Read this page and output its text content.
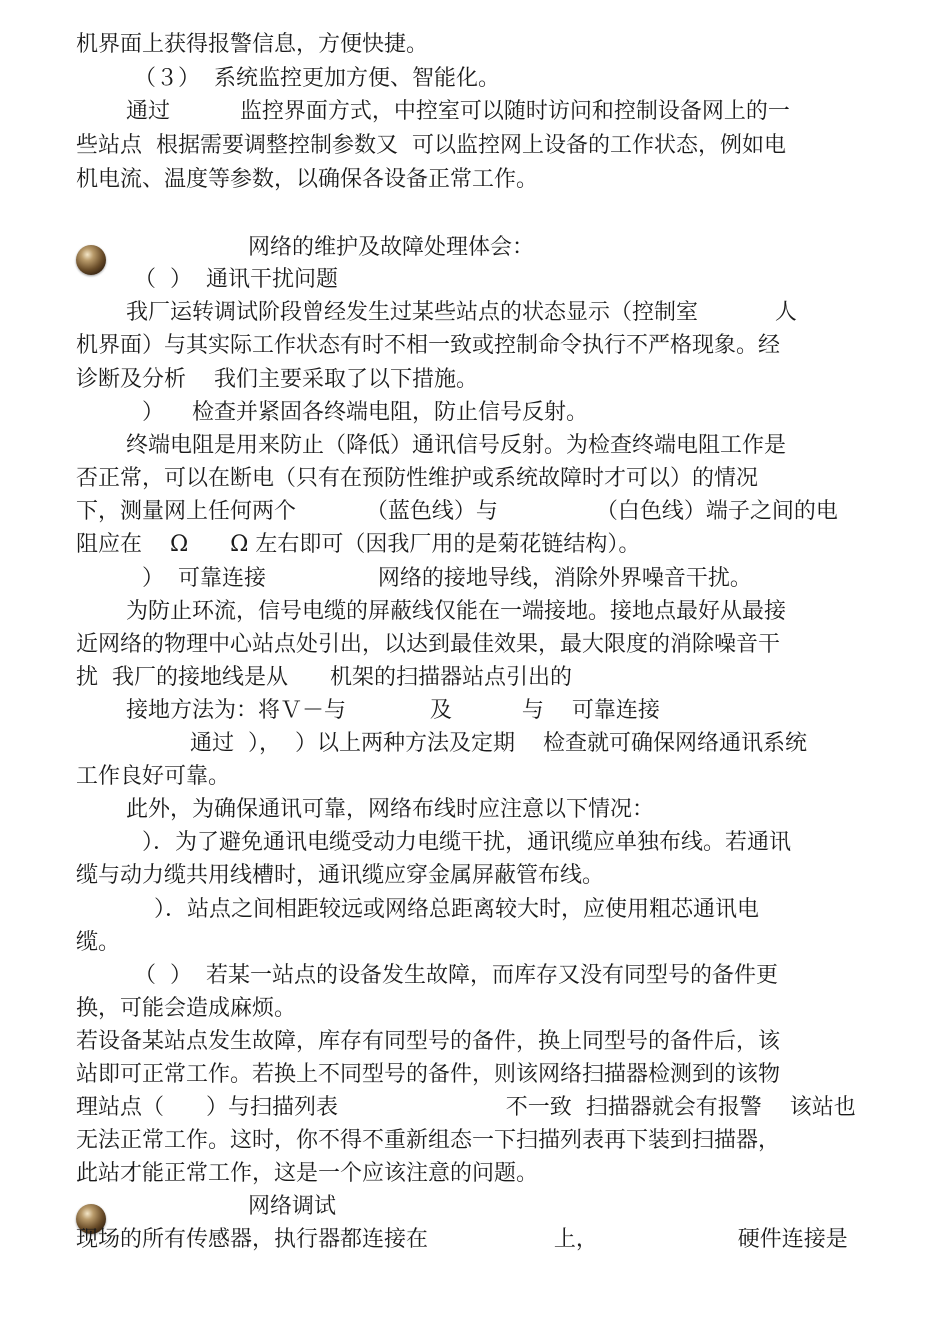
机界面上获得报警信息，方便快捷。
（３）  系统监控更加方便、智能化。
通过          监控界面方式，中控室可以随时访问和控制设备网上的一
些站点  根据需要调整控制参数又  可以监控网上设备的工作状态，例如电
机电流、温度等参数，以确保各设备正常工作。
网络的维护及故障处理体会：
（  ）  通讯干扰问题
我厂运转调试阶段曾经发生过某些站点的状态显示（控制室           人
机界面）与其实际工作状态有时不相一致或控制命令执行不严格现象。经
诊断及分析    我们主要采取了以下措施。
）    检查并紧固各终端电阻，防止信号反射。
终端电阻是用来防止（降低）通讯信号反射。为检查终端电阻工作是
否正常，可以在断电（只有在预防性维护或系统故障时才可以）的情况
下，测量网上任何两个          （蓝色线）与              （白色线）端子之间的电
阻应在    Ω      Ω 左右即可（因我厂用的是菊花链结构）。
）  可靠连接                网络的接地导线，消除外界噪音干扰。
为防止环流，信号电缆的屏蔽线仅能在一端接地。接地点最好从最接
近网络的物理中心站点处引出，以达到最佳效果，最大限度的消除噪音干
扰  我厂的接地线是从      机架的扫描器站点引出的
接地方法为：将Ｖ－与            及          与    可靠连接
通过  ），  ）以上两种方法及定期    检查就可确保网络通讯系统
工作良好可靠。
此外，为确保通讯可靠，网络布线时应注意以下情况：
）．为了避免通讯电缆受动力电缆干扰，通讯缆应单独布线。若通讯
缆与动力缆共用线槽时，通讯缆应穿金属屏蔽管布线。
）．站点之间相距较远或网络总距离较大时，应使用粗芯通讯电
缆。
（  ）  若某一站点的设备发生故障，而库存又没有同型号的备件更
换，可能会造成麻烦。
若设备某站点发生故障，库存有同型号的备件，换上同型号的备件后，该
站即可正常工作。若换上不同型号的备件，则该网络扫描器检测到的该物
理站点（      ）与扫描列表                        不一致  扫描器就会有报警    该站也
无法正常工作。这时，你不得不重新组态一下扫描列表再下装到扫描器，
此站才能正常工作，这是一个应该注意的问题。
网络调试
现场的所有传感器，执行器都连接在                  上，                    硬件连接是
